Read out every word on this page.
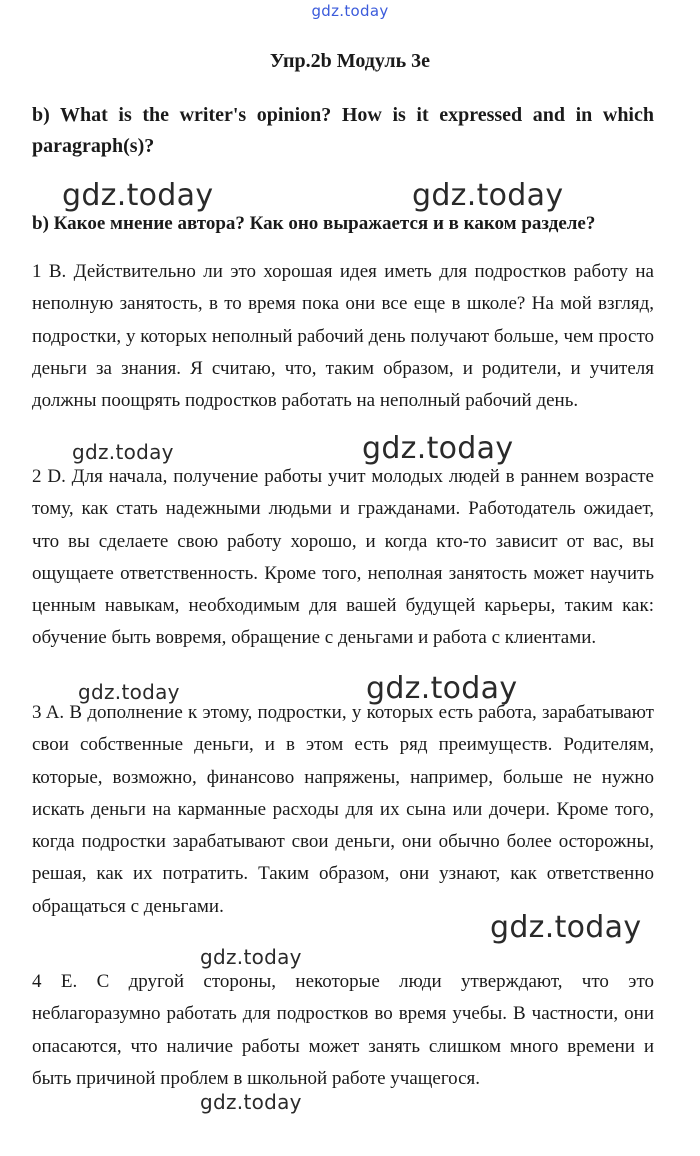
gdz.today
Упр.2b Модуль 3е
b) What is the writer's opinion? How is it expressed and in which paragraph(s)?
gdz.today	gdz.today
b) Какое мнение автора? Как оно выражается и в каком разделе?
1 B. Действительно ли это хорошая идея иметь для подростков работу на неполную занятость, в то время пока они все еще в школе? На мой взгляд, подростки, у которых неполный рабочий день получают больше, чем просто деньги за знания. Я считаю, что, таким образом, и родители, и учителя должны поощрять подростков работать на неполный рабочий день.
gdz.today	gdz.today
2 D. Для начала, получение работы учит молодых людей в раннем возрасте тому, как стать надежными людьми и гражданами. Работодатель ожидает, что вы сделаете свою работу хорошо, и когда кто-то зависит от вас, вы ощущаете ответственность. Кроме того, неполная занятость может научить ценным навыкам, необходимым для вашей будущей карьеры, таким как: обучение быть вовремя, обращение с деньгами и работа с клиентами.
gdz.today	gdz.today
3 A. В дополнение к этому, подростки, у которых есть работа, зарабатывают свои собственные деньги, и в этом есть ряд преимуществ. Родителям, которые, возможно, финансово напряжены, например, больше не нужно искать деньги на карманные расходы для их сына или дочери. Кроме того, когда подростки зарабатывают свои деньги, они обычно более осторожны, решая, как их потратить. Таким образом, они узнают, как ответственно обращаться с деньгами.
gdz.today
gdz.today
4 E. С другой стороны, некоторые люди утверждают, что это неблагоразумно работать для подростков во время учебы. В частности, они опасаются, что наличие работы может занять слишком много времени и быть причиной проблем в школьной работе учащегося.
gdz.today
